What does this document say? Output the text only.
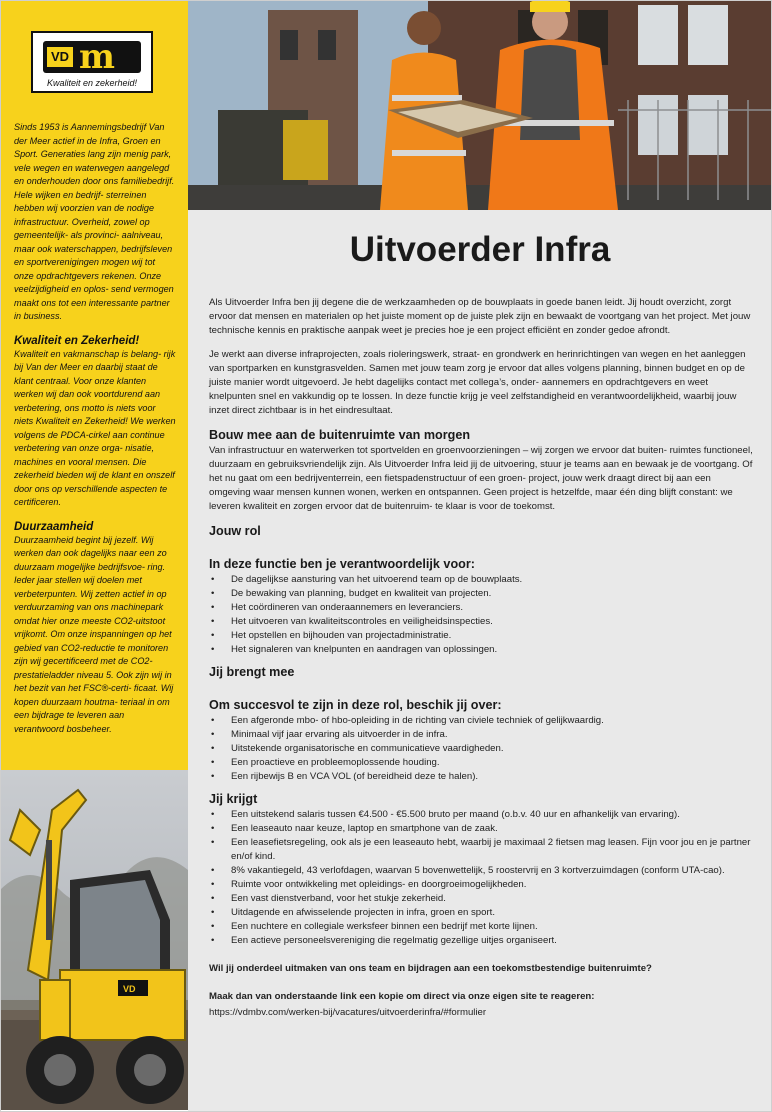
VD m
Kwaliteit en zekerheid!

Sinds 1953 is Aannemingsbedrijf Van der Meer actief in de Infra, Groen en Sport. Generaties lang zijn menig park, vele wegen en waterwegen aangelegd en onderhouden door ons familiebedrijf. Hele wijken en bedrijf- sterreinen hebben wij voorzien van de nodige infrastructuur. Overheid, zowel op gemeentelijk- als provinci- aalniveau, maar ook waterschappen, bedrijfsleven en sportverenigingen mogen wij tot onze opdrachtgevers rekenen. Onze veelzijdigheid en oplos- send vermogen maakt ons tot een interessante partner in business.

Kwaliteit en Zekerheid!

Kwaliteit en vakmanschap is belang- rijk bij Van der Meer en daarbij staat de klant centraal. Voor onze klanten werken wij dan ook voortdurend aan verbetering, ons motto is niets voor niets Kwaliteit en Zekerheid! We werken volgens de PDCA-cirkel aan continue verbetering van onze orga- nisatie, machines en vooral mensen. Die zekerheid bieden wij de klant en onszelf door ons op verschillende aspecten te certificeren.

Duurzaamheid

Duurzaamheid begint bij jezelf. Wij werken dan ook dagelijks naar een zo duurzaam mogelijke bedrijfsvoe- ring. Ieder jaar stellen wij doelen met verbeterpunten. Wij zetten actief in op verduurzaming van ons machinepark omdat hier onze meeste CO2-uitstoot vrijkomt. Om onze inspanningen op het gebied van CO2-reductie te monitoren zijn wij gecertificeerd met de CO2-prestatieladder niveau 5. Ook zijn wij in het bezit van het FSC®-certi- ficaat. Wij kopen duurzaam houtma- teriaal in om een bijdrage te leveren aan verantwoord bosbeheer.

VD
Uitvoerder Infra

Als Uitvoerder Infra ben jij degene die de werkzaamheden op de bouwplaats in goede banen leidt. Jij houdt overzicht, zorgt ervoor dat mensen en materialen op het juiste moment op de juiste plek zijn en bewaakt de voortgang van het project. Met jouw technische kennis en praktische aanpak weet je precies hoe je een project efficiënt en zonder gedoe afrondt.

Je werkt aan diverse infraprojecten, zoals rioleringswerk, straat- en grondwerk en herinrichtingen van wegen en het aanleggen van sportparken en kunstgrasvelden. Samen met jouw team zorg je ervoor dat alles volgens planning, binnen budget en op de juiste manier wordt uitgevoerd. Je hebt dagelijks contact met collega’s, onder- aannemers en opdrachtgevers en weet knelpunten snel en vakkundig op te lossen. In deze functie krijg je veel zelfstandigheid en verantwoordelijkheid, waarbij jouw inzet direct zichtbaar is in het eindresultaat.

Bouw mee aan de buitenruimte van morgen

Van infrastructuur en waterwerken tot sportvelden en groenvoorzieningen – wij zorgen we ervoor dat buiten- ruimtes functioneel, duurzaam en gebruiksvriendelijk zijn. Als Uitvoerder Infra leid jij de uitvoering, stuur je teams aan en bewaak je de voortgang. Of het nu gaat om een bedrijventerrein, een fietspadenstructuur of een groen- project, jouw werk draagt direct bij aan een omgeving waar mensen kunnen wonen, werken en ontspannen. Geen project is hetzelfde, maar één ding blijft constant: we leveren kwaliteit en zorgen ervoor dat de buitenruim- te klaar is voor de toekomst.

Jouw rol
In deze functie ben je verantwoordelijk voor:
• De dagelijkse aansturing van het uitvoerend team op de bouwplaats.
• De bewaking van planning, budget en kwaliteit van projecten.
• Het coördineren van onderaannemers en leveranciers.
• Het uitvoeren van kwaliteitscontroles en veiligheidsinspecties.
• Het opstellen en bijhouden van projectadministratie.
• Het signaleren van knelpunten en aandragen van oplossingen.
Jij brengt mee
Om succesvol te zijn in deze rol, beschik jij over:
• Een afgeronde mbo- of hbo-opleiding in de richting van civiele techniek of gelijkwaardig.
• Minimaal vijf jaar ervaring als uitvoerder in de infra.
• Uitstekende organisatorische en communicatieve vaardigheden.
• Een proactieve en probleemoplossende houding.
• Een rijbewijs B en VCA VOL (of bereidheid deze te halen).
Jij krijgt
• Een uitstekend salaris tussen €4.500 - €5.500 bruto per maand (o.b.v. 40 uur en afhankelijk van ervaring).
• Een leaseauto naar keuze, laptop en smartphone van de zaak.
• Een leasefietsregeling, ook als je een leaseauto hebt, waarbij je maximaal 2 fietsen mag leasen. Fijn voor jou en je partner en/of kind.
• 8% vakantiegeld, 43 verlofdagen, waarvan 5 bovenwettelijk, 5 roostervrij en 3 kortverzuimdagen (conform UTA-cao).
• Ruimte voor ontwikkeling met opleidings- en doorgroeimogelijkheden.
• Een vast dienstverband, voor het stukje zekerheid.
• Uitdagende en afwisselende projecten in infra, groen en sport.
• Een nuchtere en collegiale werksfeer binnen een bedrijf met korte lijnen.
• Een actieve personeelsvereniging die regelmatig gezellige uitjes organiseert.

Wil jij onderdeel uitmaken van ons team en bijdragen aan een toekomstbestendige buitenruimte?

Maak dan van onderstaande link een kopie om direct via onze eigen site te reageren:

https://vdmbv.com/werken-bij/vacatures/uitvoerderinfra/#formulier
